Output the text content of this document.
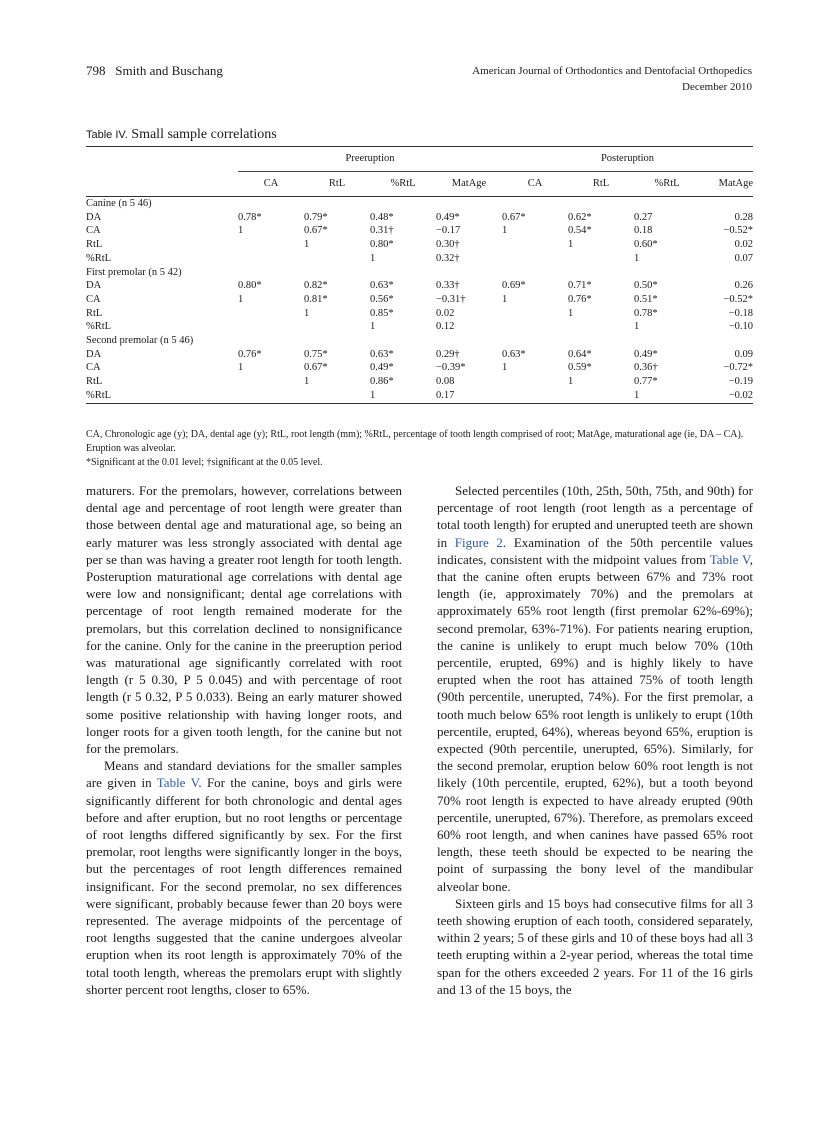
798 Smith and Buschang	American Journal of Orthodontics and Dentofacial Orthopedics
December 2010
Table IV. Small sample correlations
	Preeruption				Posteruption			
	CA	RtL	%RtL	MatAge	CA	RtL	%RtL	MatAge
Canine (n 5 46)								
DA	0.78*	0.79*	0.48*	0.49*	0.67*	0.62*	0.27	0.28
CA	1	0.67*	0.31†	−0.17	1	0.54*	0.18	−0.52*
RtL		1	0.80*	0.30†		1	0.60*	0.02
%RtL			1	0.32†			1	0.07
First premolar (n 5 42)								
DA	0.80*	0.82*	0.63*	0.33†	0.69*	0.71*	0.50*	0.26
CA	1	0.81*	0.56*	−0.31†	1	0.76*	0.51*	−0.52*
RtL		1	0.85*	0.02		1	0.78*	−0.18
%RtL			1	0.12			1	−0.10
Second premolar (n 5 46)								
DA	0.76*	0.75*	0.63*	0.29†	0.63*	0.64*	0.49*	0.09
CA	1	0.67*	0.49*	−0.39*	1	0.59*	0.36†	−0.72*
RtL		1	0.86*	0.08		1	0.77*	−0.19
%RtL			1	0.17			1	−0.02
CA, Chronologic age (y); DA, dental age (y); RtL, root length (mm); %RtL, percentage of tooth length comprised of root; MatAge, maturational age (ie, DA – CA). Eruption was alveolar.
*Significant at the 0.01 level; †significant at the 0.05 level.

maturers. For the premolars, however, correlations between dental age and percentage of root length were greater than those between dental age and maturational age, so being an early maturer was less strongly associated with dental age per se than was having a greater root length for tooth length. Posteruption maturational age correlations with dental age were low and nonsignificant; dental age correlations with percentage of root length remained moderate for the premolars, but this correlation declined to nonsignificance for the canine. Only for the canine in the preeruption period was maturational age significantly correlated with root length (r 5 0.30, P 5 0.045) and with percentage of root length (r 5 0.32, P 5 0.033). Being an early maturer showed some positive relationship with having longer roots, and longer roots for a given tooth length, for the canine but not for the premolars.

Means and standard deviations for the smaller samples are given in Table V. For the canine, boys and girls were significantly different for both chronologic and dental ages before and after eruption, but no root lengths or percentage of root lengths differed significantly by sex. For the first premolar, root lengths were significantly longer in the boys, but the percentages of root length differences remained insignificant. For the second premolar, no sex differences were significant, probably because fewer than 20 boys were represented. The average midpoints of the percentage of root lengths suggested that the canine undergoes alveolar eruption when its root length is approximately 70% of the total tooth length, whereas the premolars erupt with slightly shorter percent root lengths, closer to 65%.

Selected percentiles (10th, 25th, 50th, 75th, and 90th) for percentage of root length (root length as a percentage of total tooth length) for erupted and unerupted teeth are shown in Figure 2. Examination of the 50th percentile values indicates, consistent with the midpoint values from Table V, that the canine often erupts between 67% and 73% root length (ie, approximately 70%) and the premolars at approximately 65% root length (first premolar 62%-69%); second premolar, 63%-71%). For patients nearing eruption, the canine is unlikely to erupt much below 70% (10th percentile, erupted, 69%) and is highly likely to have erupted when the root has attained 75% of tooth length (90th percentile, unerupted, 74%). For the first premolar, a tooth much below 65% root length is unlikely to erupt (10th percentile, erupted, 64%), whereas beyond 65%, eruption is expected (90th percentile, unerupted, 65%). Similarly, for the second premolar, eruption below 60% root length is not likely (10th percentile, erupted, 62%), but a tooth beyond 70% root length is expected to have already erupted (90th percentile, unerupted, 67%). Therefore, as premolars exceed 60% root length, and when canines have passed 65% root length, these teeth should be expected to be nearing the point of surpassing the bony level of the mandibular alveolar bone.

Sixteen girls and 15 boys had consecutive films for all 3 teeth showing eruption of each tooth, considered separately, within 2 years; 5 of these girls and 10 of these boys had all 3 teeth erupting within a 2-year period, whereas the total time span for the others exceeded 2 years. For 11 of the 16 girls and 13 of the 15 boys, the
